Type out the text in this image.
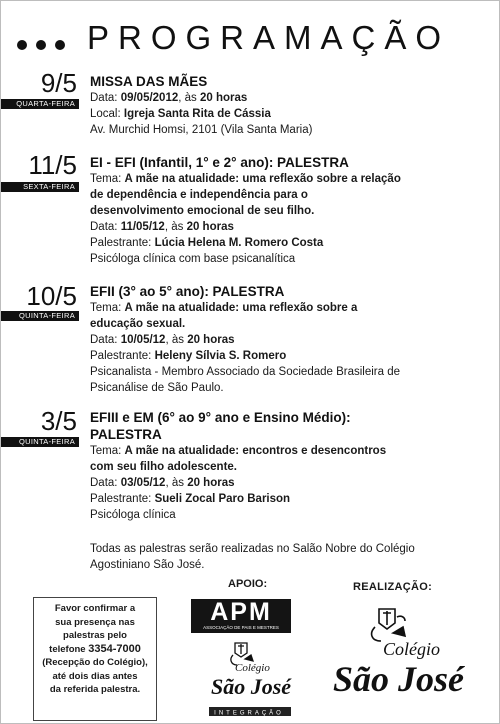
PROGRAMAÇÃO
9/5
QUARTA-FEIRA
MISSA DAS MÃES
Data: 09/05/2012, às 20 horas
Local: Igreja Santa Rita de Cássia
Av. Murchid Homsi, 2101 (Vila Santa Maria)
11/5
SEXTA-FEIRA
EI - EFI (Infantil, 1° e 2° ano): PALESTRA
Tema: A mãe na atualidade: uma reflexão sobre a relação
de dependência e independência para o
desenvolvimento emocional de seu filho.
Data: 11/05/12, às 20 horas
Palestrante: Lúcia Helena M. Romero Costa
Psicóloga clínica com base psicanalítica
10/5
QUINTA-FEIRA
EFII (3° ao 5° ano): PALESTRA
Tema: A mãe na atualidade: uma reflexão sobre a
educação sexual.
Data: 10/05/12, às 20 horas
Palestrante: Heleny Sílvia S. Romero
Psicanalista - Membro Associado da Sociedade Brasileira de
Psicanálise de São Paulo.
3/5
QUINTA-FEIRA
EFIII e EM (6° ao 9° ano e Ensino Médio):
PALESTRA
Tema: A mãe na atualidade: encontros e desencontros
com seu filho adolescente.
Data: 03/05/12, às 20 horas
Palestrante: Sueli Zocal Paro Barison
Psicóloga clínica
Todas as palestras serão realizadas no Salão Nobre do Colégio
Agostiniano São José.
Favor confirmar a
sua presença nas
palestras pelo
telefone 3354-7000
(Recepção do Colégio),
até dois dias antes
da referida palestra.
APOIO:	REALIZAÇÃO:
APM
ASSOCIAÇÃO DE PAIS E MESTRES
Colégio
São José
INTEGRAÇÃO
Colégio
São José
